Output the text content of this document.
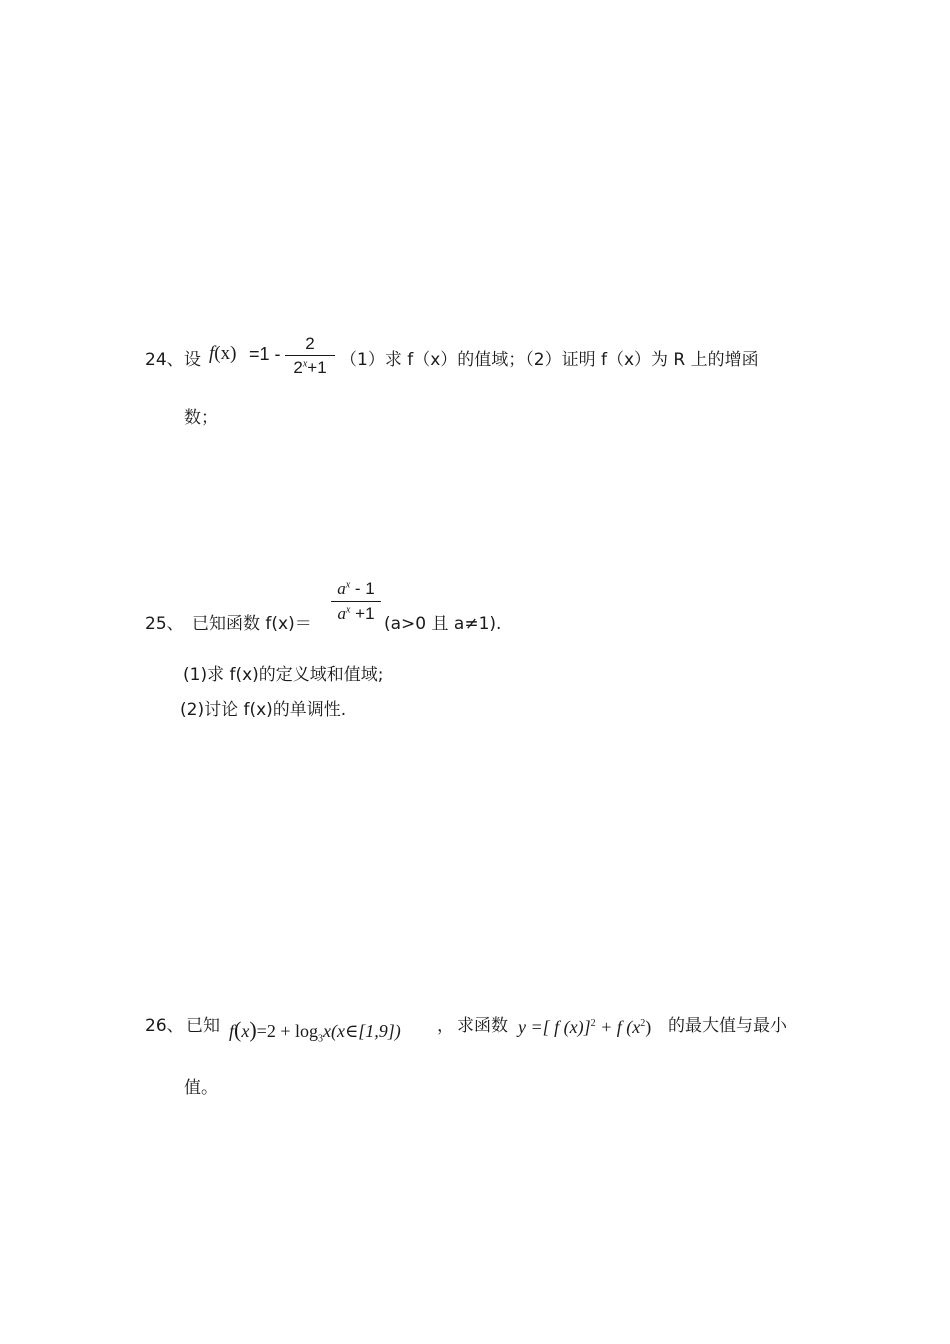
24、 设 $f(x) =1 - \frac{2}{2^x+1} (1)$求 f（x）的值域；（2）证明 f（x）为 R 上的增函
数；
25、 已知函数 $f(x)= \frac{a^x - 1}{a^x +1} (a>0$ 且 a≠1).
(1)求 f(x)的定义域和值域;
(2)讨论 f(x)的单调性.
26、 已知 $f(x)=2 + \log_3x(x\in[1,9])$ ， 求函数 y =[ f (x)]$^2$ + f $(x^2)$ 的最大值与最小
值。
